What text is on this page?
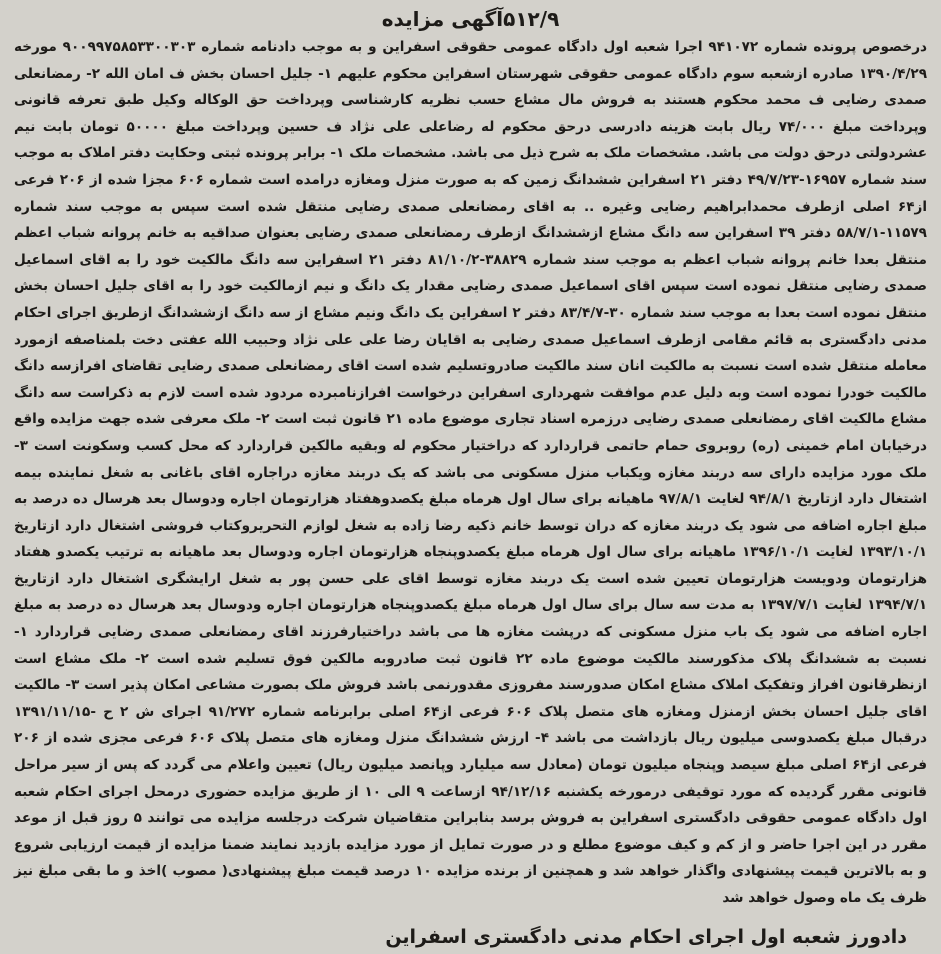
۵۱۲/۹آگهی مزایده

درخصوص پرونده شماره ۹۴۱۰۷۲ اجرا شعبه اول دادگاه عمومی حقوقی اسفراین و به موجب دادنامه شماره ۹۰۰۹۹۷۵۸۵۳۳۰۰۳۰۳ مورخه ۱۳۹۰/۴/۲۹ صادره ازشعبه سوم دادگاه عمومی حقوقی شهرستان اسفراین محکوم علیهم ۱- جلیل احسان بخش ف امان الله ۲- رمضانعلی صمدی رضایی ف محمد محکوم هستند به فروش مال مشاع حسب نظریه کارشناسی وپرداخت حق الوکاله وکیل طبق تعرفه قانونی وپرداخت مبلغ ۷۴/۰۰۰ ریال بابت هزینه دادرسی درحق محکوم له رضاعلی علی نژاد ف حسین وپرداخت مبلغ ۵۰۰۰۰ تومان بابت نیم عشردولتی درحق دولت می باشد. مشخصات ملک به شرح ذیل می باشد. مشخصات ملک ۱- برابر پرونده ثبتی وحکایت دفتر املاک به موجب سند شماره ۱۶۹۵۷-۴۹/۷/۲۳ دفتر ۲۱ اسفراین ششدانگ زمین که به صورت منزل ومغازه درامده است شماره ۶۰۶ مجزا شده از ۲۰۶ فرعی از۶۴ اصلی ازطرف محمدابراهیم رضایی وغیره .. به اقای رمضانعلی صمدی رضایی منتقل شده است سپس به موجب سند شماره ۱۱۵۷۹-۵۸/۷/۱ دفتر ۳۹ اسفراین سه دانگ مشاع ازششدانگ ازطرف رمضانعلی صمدی رضایی بعنوان صداقیه به خانم پروانه شباب اعظم منتقل بعدا خانم پروانه شباب اعظم به موجب سند شماره ۳۸۸۲۹-۸۱/۱۰/۲ دفتر ۲۱ اسفراین سه دانگ مالکیت خود را به اقای اسماعیل صمدی رضایی منتقل نموده است سپس اقای اسماعیل صمدی رضایی مقدار یک دانگ و نیم ازمالکیت خود را به اقای جلیل احسان بخش منتقل نموده است بعدا به موجب سند شماره ۳۰-۸۳/۴/۷ دفتر ۲ اسفراین یک دانگ ونیم مشاع از سه دانگ ازششدانگ ازطریق اجرای احکام مدنی دادگستری به قائم مقامی ازطرف اسماعیل صمدی رضایی به اقایان رضا علی علی نژاد وحبیب الله عفتی دخت بلمناصفه ازمورد معامله منتقل شده است نسبت به مالکیت انان سند مالکیت صادروتسلیم شده است اقای رمضانعلی صمدی رضایی تقاضای افرازسه دانگ مالکیت خودرا نموده است وبه دلیل عدم موافقت شهرداری اسفراین درخواست افرازنامبرده مردود شده است لازم به ذکراست سه دانگ مشاع مالکیت اقای رمضانعلی صمدی رضایی درزمره اسناد تجاری موضوع ماده ۲۱ قانون ثبت است ۲- ملک معرفی شده جهت مزایده واقع درخیابان امام خمینی (ره) روبروی حمام حاتمی قراردارد که دراختیار محکوم له وبقیه مالکین قراردارد که محل کسب وسکونت است ۳- ملک مورد مزایده دارای سه دربند مغازه ویکباب منزل مسکونی می باشد که یک دربند مغازه دراجاره اقای باغانی به شغل نماینده بیمه اشتغال دارد ازتاریخ ۹۴/۸/۱ لغایت ۹۷/۸/۱ ماهیانه برای سال اول هرماه مبلغ یکصدوهفتاد هزارتومان اجاره ودوسال بعد هرسال ده درصد به مبلغ اجاره اضافه می شود یک دربند مغازه که دران توسط خانم ذکیه رضا زاده به شغل لوازم التحریروکتاب فروشی اشتغال دارد ازتاریخ ۱۳۹۳/۱۰/۱ لغایت ۱۳۹۶/۱۰/۱ ماهیانه برای سال اول هرماه مبلغ یکصدوپنجاه هزارتومان اجاره ودوسال بعد ماهیانه به ترتیب یکصدو هفتاد هزارتومان ودویست هزارتومان تعیین شده است یک دربند مغازه توسط اقای علی حسن پور به شغل ارایشگری اشتغال دارد ازتاریخ ۱۳۹۴/۷/۱ لغایت ۱۳۹۷/۷/۱ به مدت سه سال برای سال اول هرماه مبلغ یکصدوپنجاه هزارتومان اجاره ودوسال بعد هرسال ده درصد به مبلغ اجاره اضافه می شود یک باب منزل مسکونی که درپشت مغازه ها می باشد دراختیارفرزند اقای رمضانعلی صمدی رضایی قراردارد ۱- نسبت به ششدانگ پلاک مذکورسند مالکیت موضوع ماده ۲۲ قانون ثبت صادروبه مالکین فوق تسلیم شده است ۲- ملک مشاع است ازنظرقانون افراز وتفکیک املاک مشاع امکان صدورسند مفروزی مقدورنمی باشد فروش ملک بصورت مشاعی امکان پذیر است ۳- مالکیت اقای جلیل احسان بخش ازمنزل ومغازه های متصل پلاک ۶۰۶ فرعی از۶۴ اصلی برابرنامه شماره ۹۱/۲۷۲ اجرای ش ۲ ح -۱۳۹۱/۱۱/۱۵ درقبال مبلغ یکصدوسی میلیون ریال بازداشت می باشد ۴- ارزش ششدانگ منزل ومغازه های متصل پلاک ۶۰۶ فرعی مجزی شده از ۲۰۶ فرعی از۶۴ اصلی مبلغ سیصد وپنجاه میلیون تومان (معادل سه میلیارد وپانصد میلیون ریال) تعیین واعلام می گردد که پس از سیر مراحل قانونی مقرر گردیده که مورد توقیفی درمورخه یکشنبه ۹۴/۱۲/۱۶ ازساعت ۹ الی ۱۰ از طریق مزایده حضوری درمحل اجرای احکام شعبه اول دادگاه عمومی حقوقی دادگستری اسفراین به فروش برسد بنابراین متقاضیان شرکت درجلسه مزایده می توانند ۵ روز قبل از موعد مقرر در این اجرا حاضر و از کم و کیف موضوع مطلع و در صورت تمایل از مورد مزایده بازدید نمایند ضمنا مزایده از قیمت ارزیابی شروع و به بالاترین قیمت پیشنهادی واگذار خواهد شد و همچنین از برنده مزایده ۱۰ درصد قیمت مبلغ پیشنهادی( مصوب )اخذ و ما بقی مبلغ نیز ظرف یک ماه وصول خواهد شد

دادورز شعبه اول اجرای احکام مدنی دادگستری اسفراین
